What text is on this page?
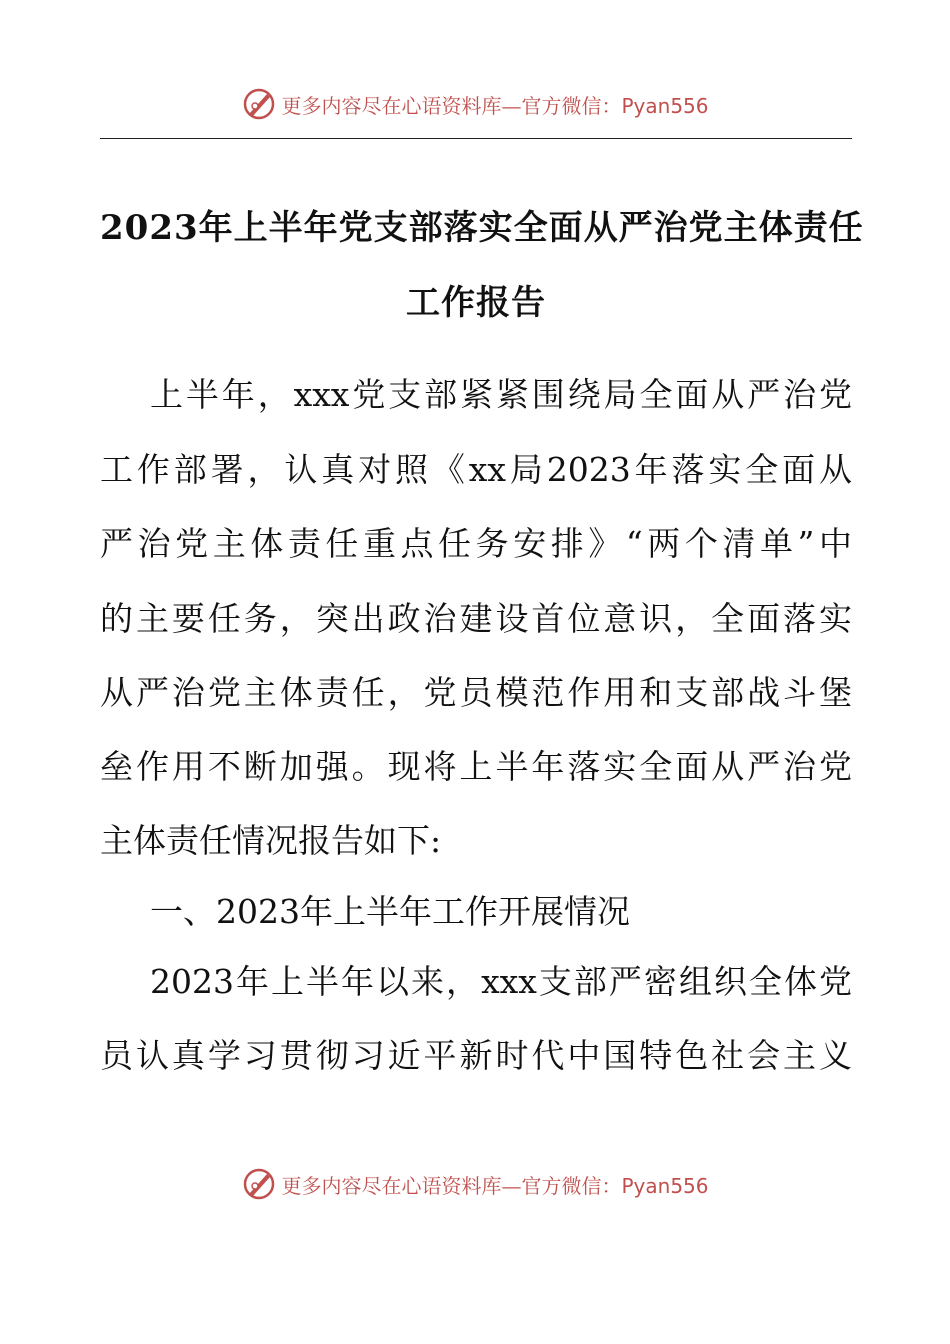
更多内容尽在心语资料库—官方微信：Pyan556
2023年上半年党支部落实全面从严治党主体责任
工作报告
上半年，xxx党支部紧紧围绕局全面从严治党
工作部署，认真对照《xx局2023年落实全面从
严治党主体责任重点任务安排》“两个清单”中
的主要任务，突出政治建设首位意识，全面落实
从严治党主体责任，党员模范作用和支部战斗堡
垒作用不断加强。现将上半年落实全面从严治党
主体责任情况报告如下:
一、2023年上半年工作开展情况
2023年上半年以来，xxx支部严密组织全体党
员认真学习贯彻习近平新时代中国特色社会主义
更多内容尽在心语资料库—官方微信：Pyan556
